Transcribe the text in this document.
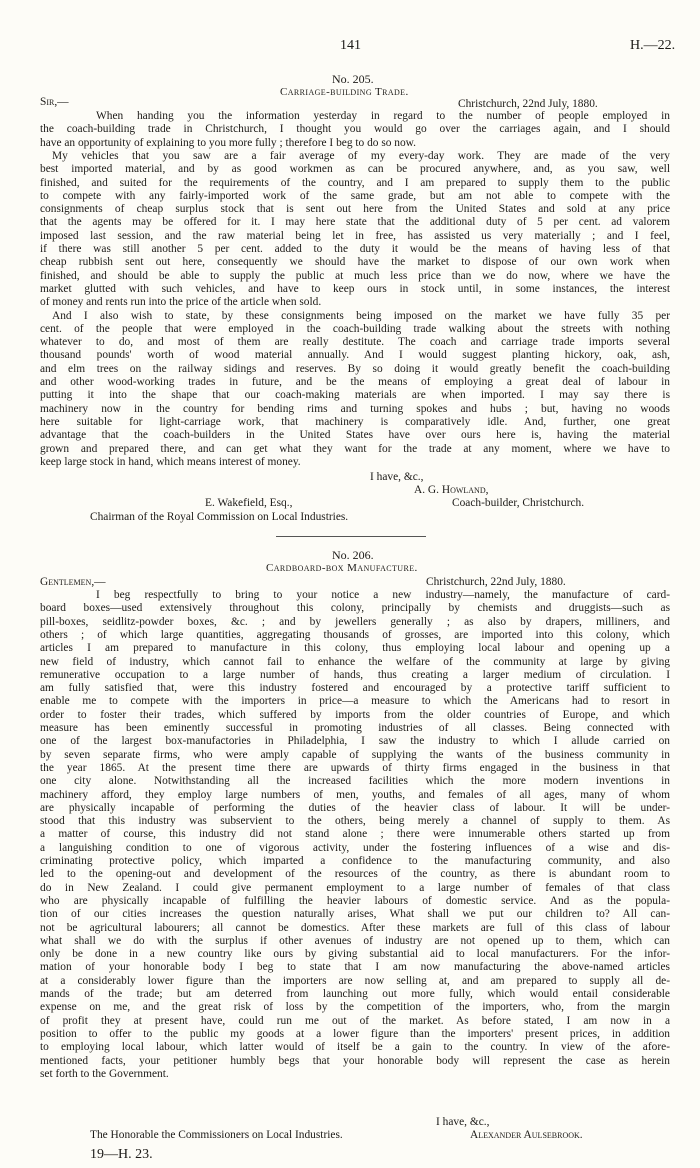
141	H.—22.
No. 205.
Carriage-building Trade.
Sir,—	Christchurch, 22nd July, 1880.
When handing you the information yesterday in regard to the number of people employed in
the coach-building trade in Christchurch, I thought you would go over the carriages again, and I should
have an opportunity of explaining to you more fully ; therefore I beg to do so now.
My vehicles that you saw are a fair average of my every-day work. They are made of the very
best imported material, and by as good workmen as can be procured anywhere, and, as you saw, well
finished, and suited for the requirements of the country, and I am prepared to supply them to the public
to compete with any fairly-imported work of the same grade, but am not able to compete with the
consignments of cheap surplus stock that is sent out here from the United States and sold at any price
that the agents may be offered for it. I may here state that the additional duty of 5 per cent. ad valorem
imposed last session, and the raw material being let in free, has assisted us very materially ; and I feel,
if there was still another 5 per cent. added to the duty it would be the means of having less of that
cheap rubbish sent out here, consequently we should have the market to dispose of our own work when
finished, and should be able to supply the public at much less price than we do now, where we have the
market glutted with such vehicles, and have to keep ours in stock until, in some instances, the interest
of money and rents run into the price of the article when sold.
And I also wish to state, by these consignments being imposed on the market we have fully 35 per
cent. of the people that were employed in the coach-building trade walking about the streets with nothing
whatever to do, and most of them are really destitute. The coach and carriage trade imports several
thousand pounds' worth of wood material annually. And I would suggest planting hickory, oak, ash,
and elm trees on the railway sidings and reserves. By so doing it would greatly benefit the coach-building
and other wood-working trades in future, and be the means of employing a great deal of labour in
putting it into the shape that our coach-making materials are when imported. I may say there is
machinery now in the country for bending rims and turning spokes and hubs ; but, having no woods
here suitable for light-carriage work, that machinery is comparatively idle. And, further, one great
advantage that the coach-builders in the United States have over ours here is, having the material
grown and prepared there, and can get what they want for the trade at any moment, where we have to
keep large stock in hand, which means interest of money.
I have, &c.,
A. G. Howland,
E. Wakefield, Esq.,	Coach-builder, Christchurch.
Chairman of the Royal Commission on Local Industries.
No. 206.
Cardboard-box Manufacture.
Gentlemen,—	Christchurch, 22nd July, 1880.
I beg respectfully to bring to your notice a new industry—namely, the manufacture of card-
board boxes—used extensively throughout this colony, principally by chemists and druggists—such as
pill-boxes, seidlitz-powder boxes, &c. ; and by jewellers generally ; as also by drapers, milliners, and
others ; of which large quantities, aggregating thousands of grosses, are imported into this colony, which
articles I am prepared to manufacture in this colony, thus employing local labour and opening up a
new field of industry, which cannot fail to enhance the welfare of the community at large by giving
remunerative occupation to a large number of hands, thus creating a larger medium of circulation. I
am fully satisfied that, were this industry fostered and encouraged by a protective tariff sufficient to
enable me to compete with the importers in price—a measure to which the Americans had to resort in
order to foster their trades, which suffered by imports from the older countries of Europe, and which
measure has been eminently successful in promoting industries of all classes. Being connected with
one of the largest box-manufactories in Philadelphia, I saw the industry to which I allude carried on
by seven separate firms, who were amply capable of supplying the wants of the business community in
the year 1865. At the present time there are upwards of thirty firms engaged in the business in that
one city alone. Notwithstanding all the increased facilities which the more modern inventions in
machinery afford, they employ large numbers of men, youths, and females of all ages, many of whom
are physically incapable of performing the duties of the heavier class of labour. It will be under-
stood that this industry was subservient to the others, being merely a channel of supply to them. As
a matter of course, this industry did not stand alone ; there were innumerable others started up from
a languishing condition to one of vigorous activity, under the fostering influences of a wise and dis-
criminating protective policy, which imparted a confidence to the manufacturing community, and also
led to the opening-out and development of the resources of the country, as there is abundant room to
do in New Zealand. I could give permanent employment to a large number of females of that class
who are physically incapable of fulfilling the heavier labours of domestic service. And as the popula-
tion of our cities increases the question naturally arises, What shall we put our children to? All can-
not be agricultural labourers; all cannot be domestics. After these markets are full of this class of labour
what shall we do with the surplus if other avenues of industry are not opened up to them, which can
only be done in a new country like ours by giving substantial aid to local manufacturers. For the infor-
mation of your honorable body I beg to state that I am now manufacturing the above-named articles
at a considerably lower figure than the importers are now selling at, and am prepared to supply all de-
mands of the trade; but am deterred from launching out more fully, which would entail considerable
expense on me, and the great risk of loss by the competition of the importers, who, from the margin
of profit they at present have, could run me out of the market. As before stated, I am now in a
position to offer to the public my goods at a lower figure than the importers' present prices, in addition
to employing local labour, which latter would of itself be a gain to the country. In view of the afore-
mentioned facts, your petitioner humbly begs that your honorable body will represent the case as herein
set forth to the Government.
I have, &c.,
The Honorable the Commissioners on Local Industries.	Alexander Aulsebrook.
19—H. 23.
